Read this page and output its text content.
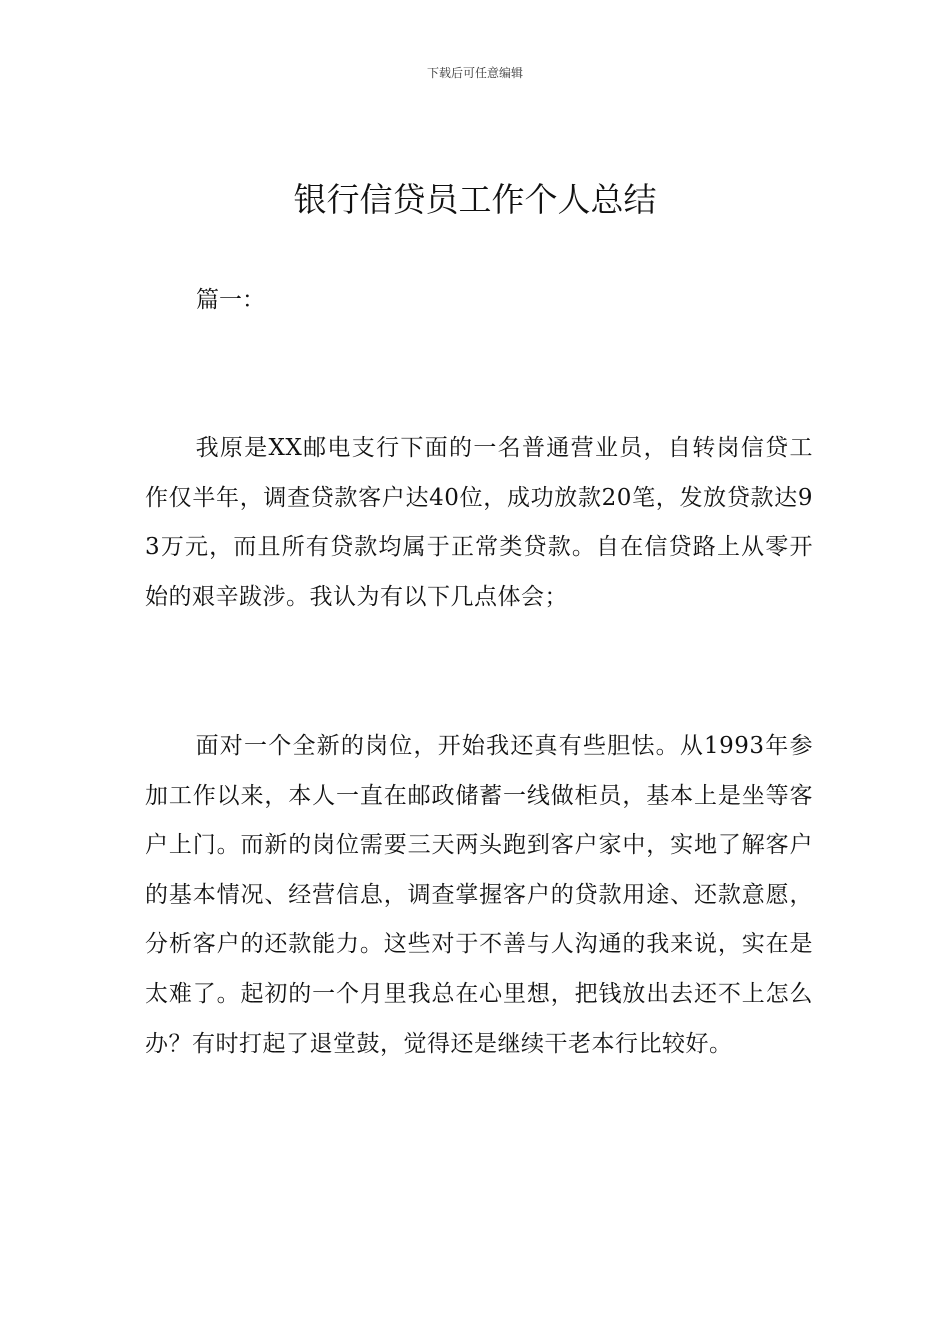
下载后可任意编辑
银行信贷员工作个人总结

篇一：

我原是XX邮电支行下面的一名普通营业员，自转岗信贷工作仅半年，调查贷款客户达40位，成功放款20笔，发放贷款达93万元，而且所有贷款均属于正常类贷款。自在信贷路上从零开始的艰辛跋涉。我认为有以下几点体会；

面对一个全新的岗位，开始我还真有些胆怯。从1993年参加工作以来，本人一直在邮政储蓄一线做柜员，基本上是坐等客户上门。而新的岗位需要三天两头跑到客户家中，实地了解客户的基本情况、经营信息，调查掌握客户的贷款用途、还款意愿，分析客户的还款能力。这些对于不善与人沟通的我来说，实在是太难了。起初的一个月里我总在心里想，把钱放出去还不上怎么办？有时打起了退堂鼓，觉得还是继续干老本行比较好。
